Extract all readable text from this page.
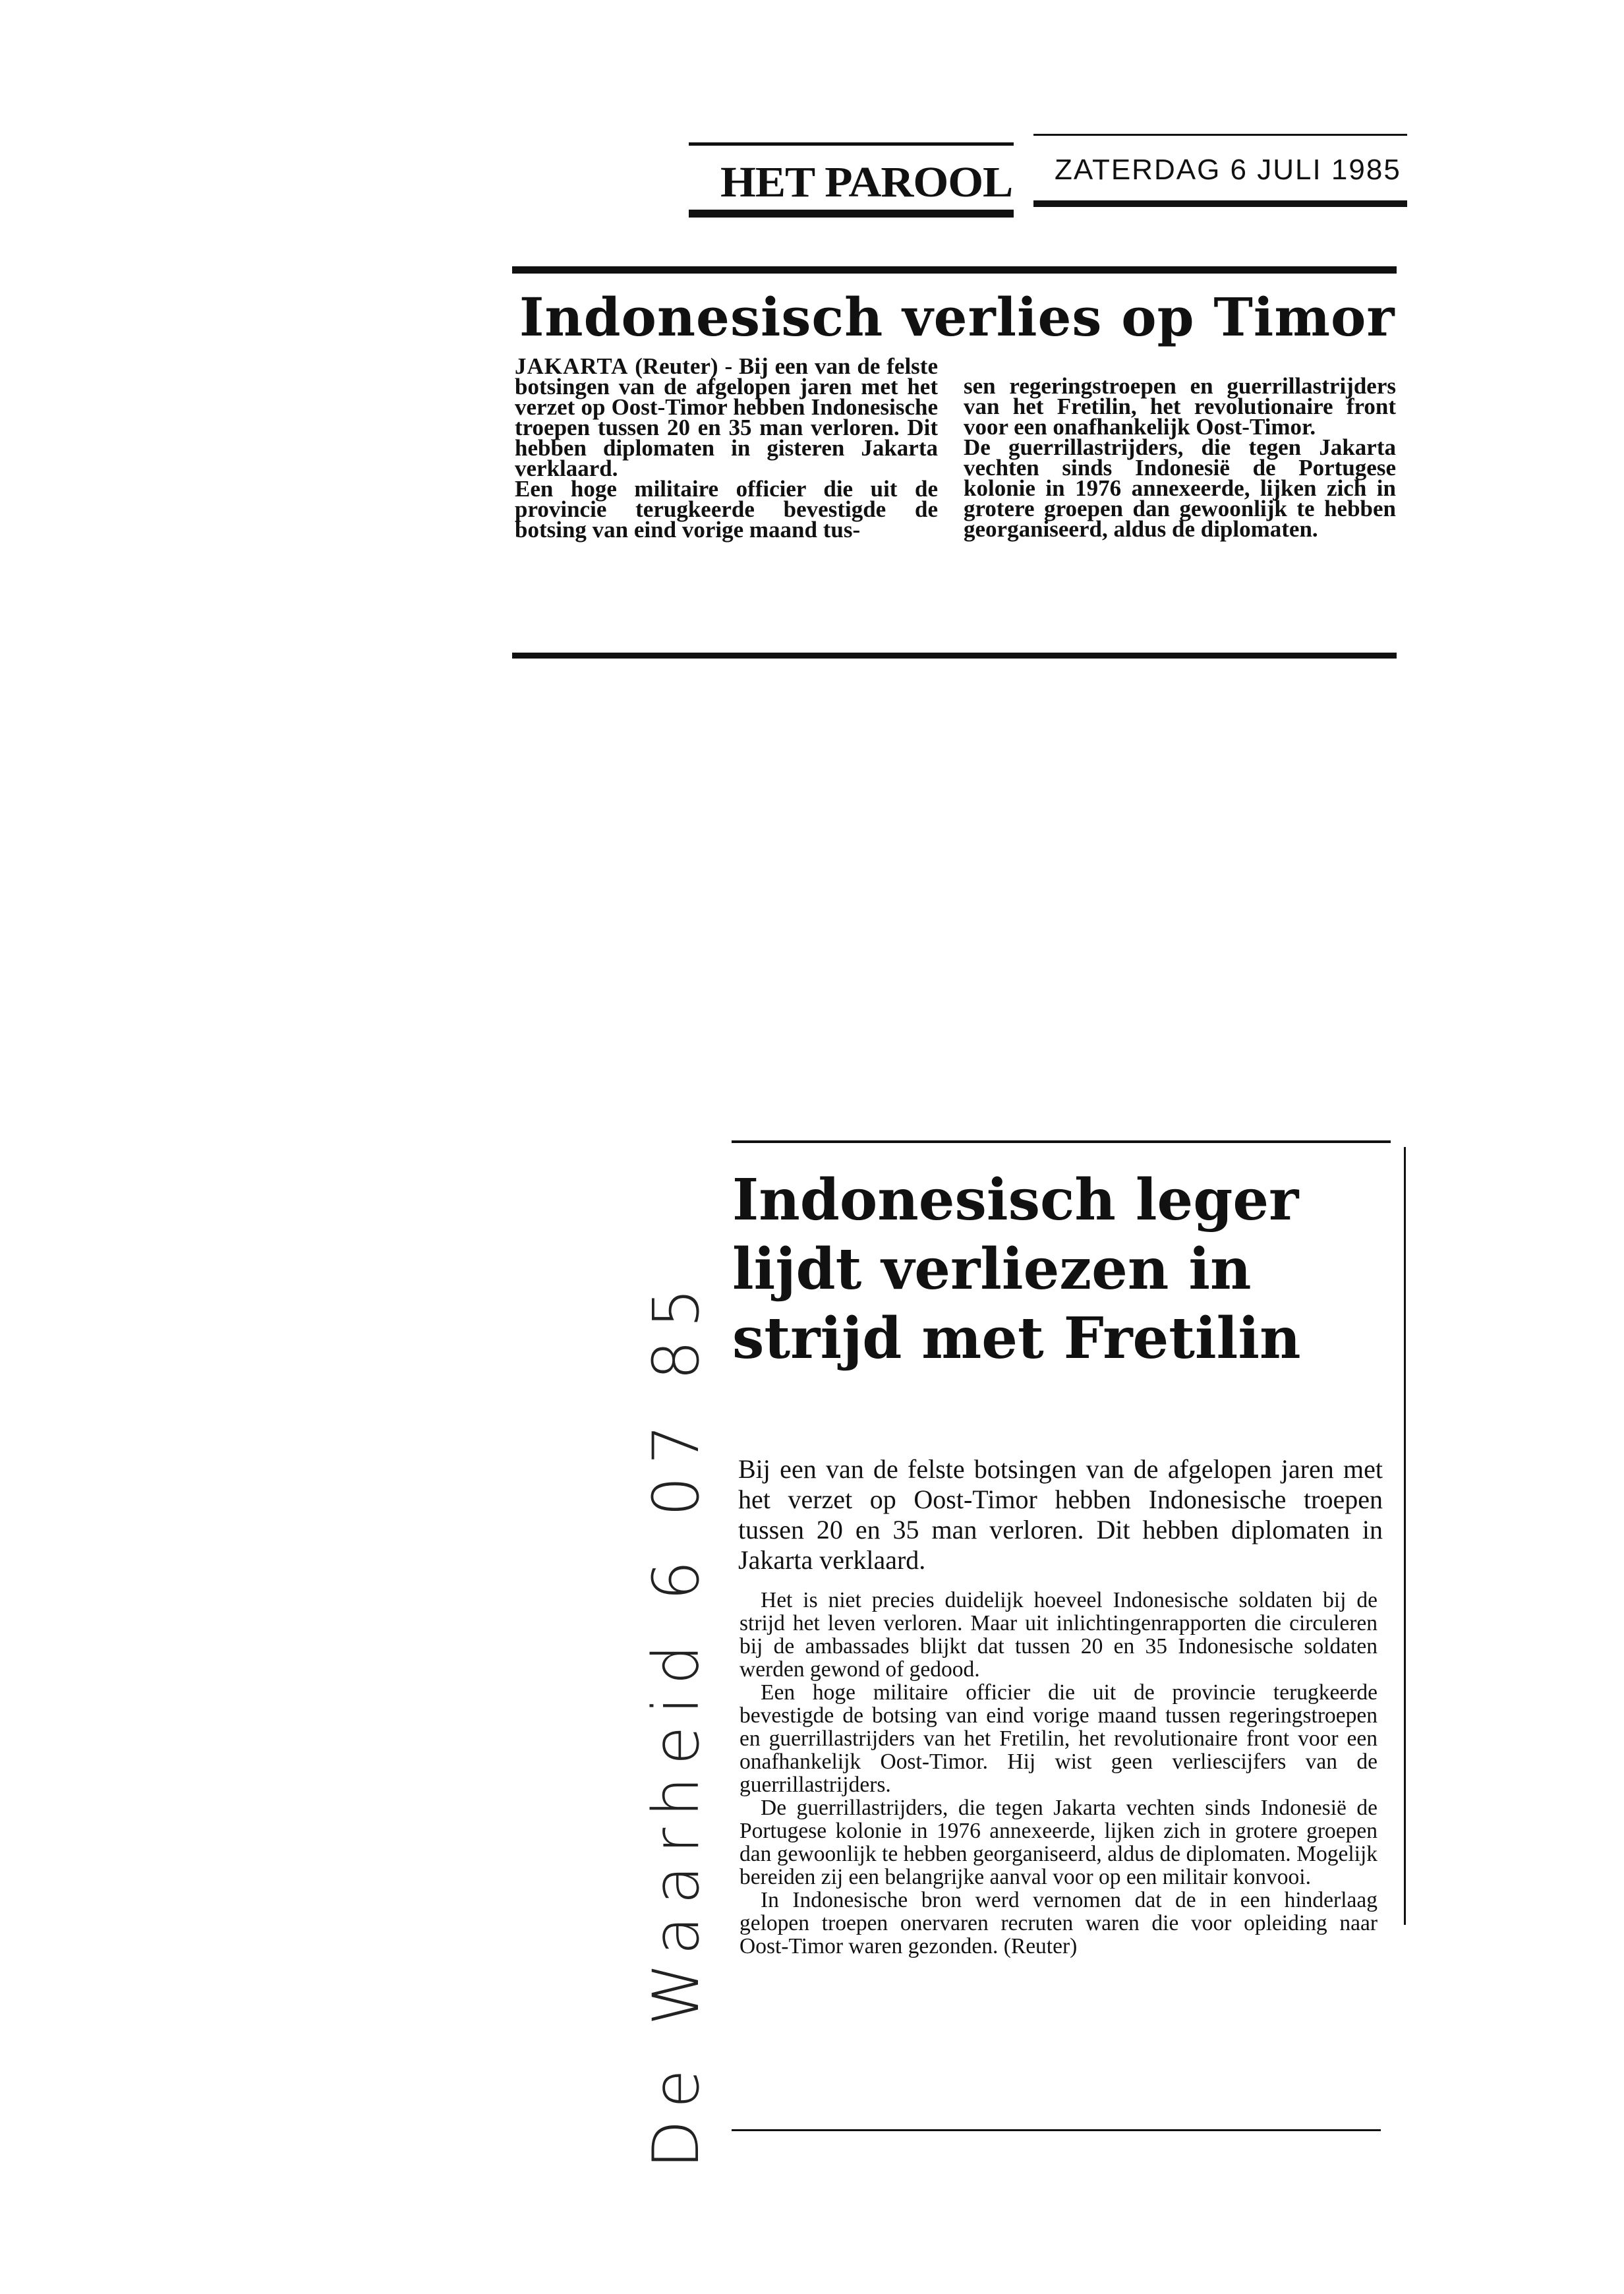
HET PAROOL ZATERDAG 6 JULI 1985
Indonesisch verlies op Timor

JAKARTA (Reuter) - Bij een van de felste botsingen van de afgelopen jaren met het verzet op Oost-Timor hebben Indonesische troepen tussen 20 en 35 man verloren. Dit hebben diplomaten in gisteren Jakarta verklaard.

Een hoge militaire officier die uit de provincie terugkeerde bevestigde de botsing van eind vorige maand tus-

sen regeringstroepen en guerrillastrijders van het Fretilin, het revolutionaire front voor een onafhankelijk Oost-Timor.

De guerrillastrijders, die tegen Jakarta vechten sinds Indonesië de Portugese kolonie in 1976 annexeerde, lijken zich in grotere groepen dan gewoonlijk te hebben georganiseerd, aldus de diplomaten.

Indonesisch leger
lijdt verliezen in
strijd met Fretilin
Bij een van de felste botsingen van de afgelopen jaren met het verzet op Oost-Timor hebben Indonesische troepen tussen 20 en 35 man verloren. Dit hebben diplomaten in Jakarta verklaard.

Het is niet precies duidelijk hoeveel Indonesische soldaten bij de strijd het leven verloren. Maar uit inlichtingenrapporten die circuleren bij de ambassades blijkt dat tussen 20 en 35 Indonesische soldaten werden gewond of gedood.

Een hoge militaire officier die uit de provincie terugkeerde bevestigde de botsing van eind vorige maand tussen regeringstroepen en guerrillastrijders van het Fretilin, het revolutionaire front voor een onafhankelijk Oost-Timor. Hij wist geen verliescijfers van de guerrillastrijders.

De guerrillastrijders, die tegen Jakarta vechten sinds Indonesië de Portugese kolonie in 1976 annexeerde, lijken zich in grotere groepen dan gewoonlijk te hebben georganiseerd, aldus de diplomaten. Mogelijk bereiden zij een belangrijke aanval voor op een militair konvooi.

In Indonesische bron werd vernomen dat de in een hinderlaag gelopen troepen onervaren recruten waren die voor opleiding naar Oost-Timor waren gezonden. (Reuter)

De Waarheid 6 07 85
